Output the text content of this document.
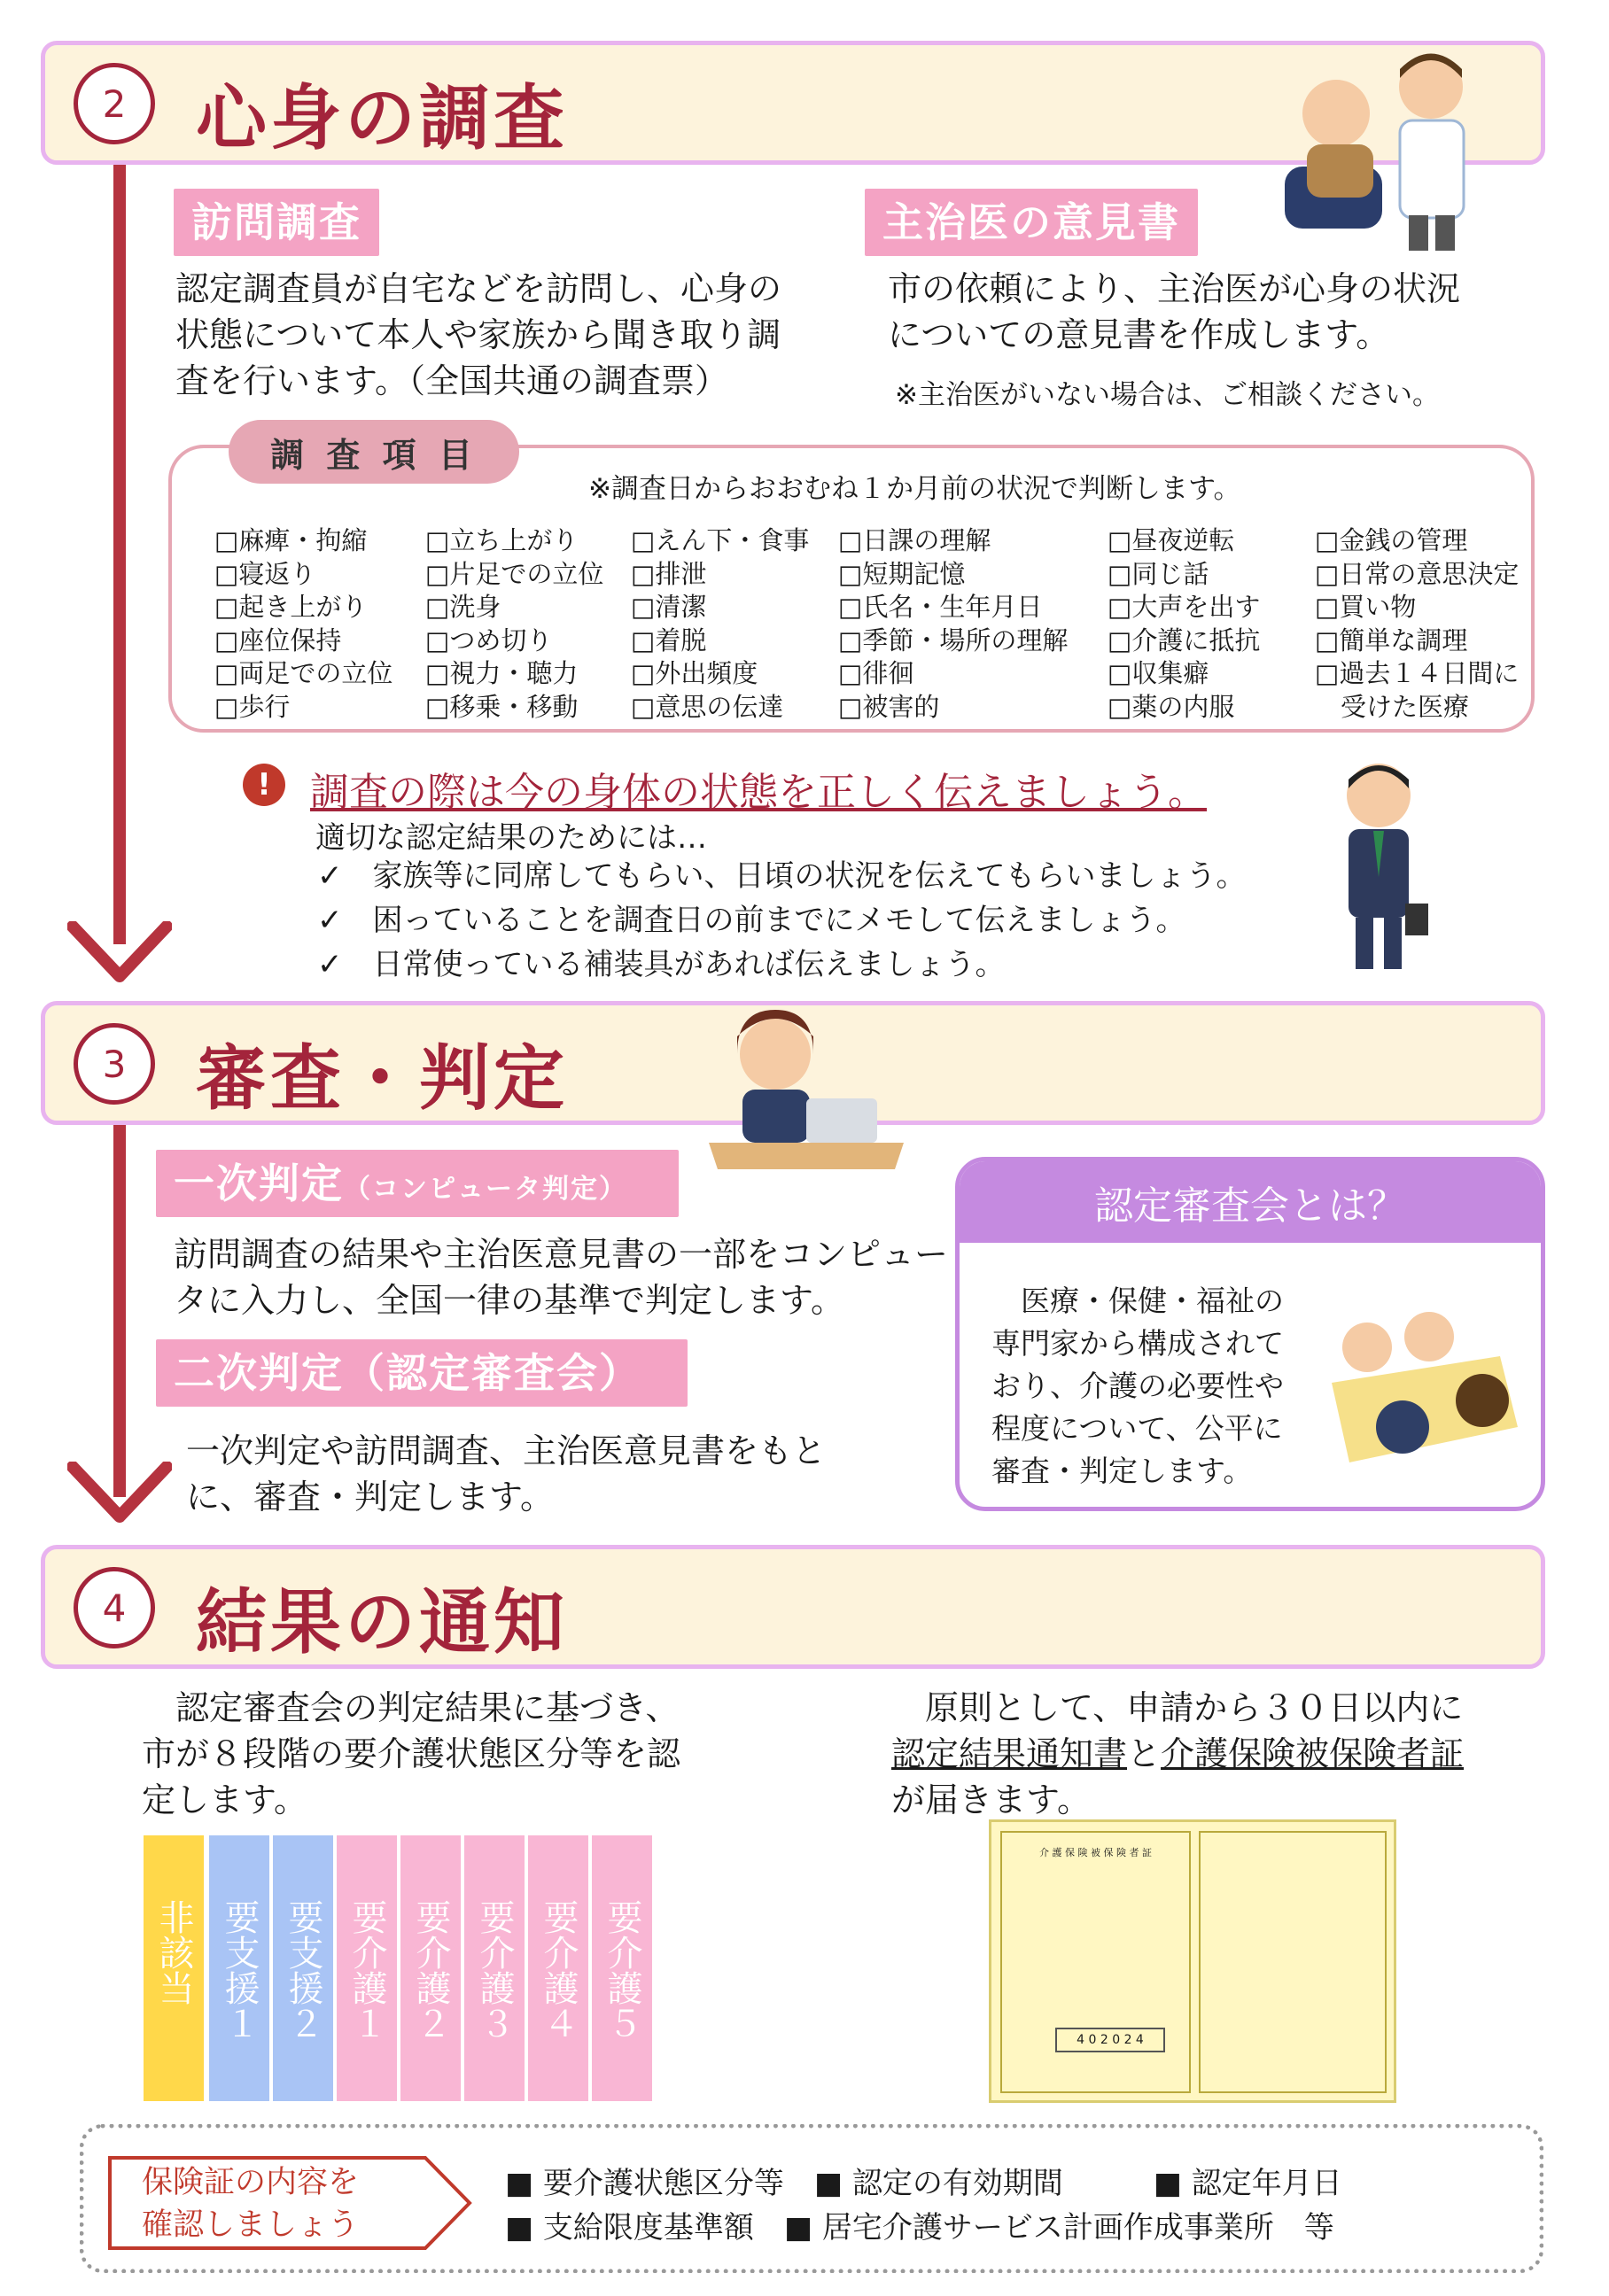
2 心身の調査
訪問調査
認定調査員が自宅などを訪問し、心身の状態について本人や家族から聞き取り調査を行います。（全国共通の調査票）
主治医の意見書
市の依頼により、主治医が心身の状況についての意見書を作成します。
※主治医がいない場合は、ご相談ください。
調 査 項 目
※調査日からおおむね１か月前の状況で判断します。
□麻痺・拘縮
□寝返り
□起き上がり
□座位保持
□両足での立位
□歩行
□立ち上がり
□片足での立位
□洗身
□つめ切り
□視力・聴力
□移乗・移動
□えん下・食事
□排泄
□清潔
□着脱
□外出頻度
□意思の伝達
□日課の理解
□短期記憶
□氏名・生年月日
□季節・場所の理解
□徘徊
□被害的
□昼夜逆転
□同じ話
□大声を出す
□介護に抵抗
□収集癖
□薬の内服
□金銭の管理
□日常の意思決定
□買い物
□簡単な調理
□過去１４日間に
　受けた医療
!	調査の際は今の身体の状態を正しく伝えましょう。
適切な認定結果のためには…
✓　 家族等に同席してもらい、日頃の状況を伝えてもらいましょう。
✓　 困っていることを調査日の前までにメモして伝えましょう。
✓　 日常使っている補装具があれば伝えましょう。
3 審査・判定
一次判定（コンピュータ判定）
訪問調査の結果や主治医意見書の一部をコンピュータに入力し、全国一律の基準で判定します。
二次判定（認定審査会）
一次判定や訪問調査、主治医意見書をもとに、審査・判定します。
認定審査会とは？
医療・保健・福祉の専門家から構成されており、介護の必要性や程度について、公平に審査・判定します。
4 結果の通知
認定審査会の判定結果に基づき、市が８段階の要介護状態区分等を認定します。
原則として、申請から３０日以内に
認定結果通知書と介護保険被保険者証
が届きます。
非該当 要支援１ 要支援２ 要介護１ 要介護２ 要介護３ 要介護４ 要介護５
介 護 保 険 被 保 険 者 証
4 0 2 0 2 4
保険証の内容を確認しましょう
■ 要介護状態区分等　 ■ 認定の有効期間　　　	■ 認定年月日
■ 支給限度基準額　 ■ 居宅介護サービス計画作成事業所　 等
